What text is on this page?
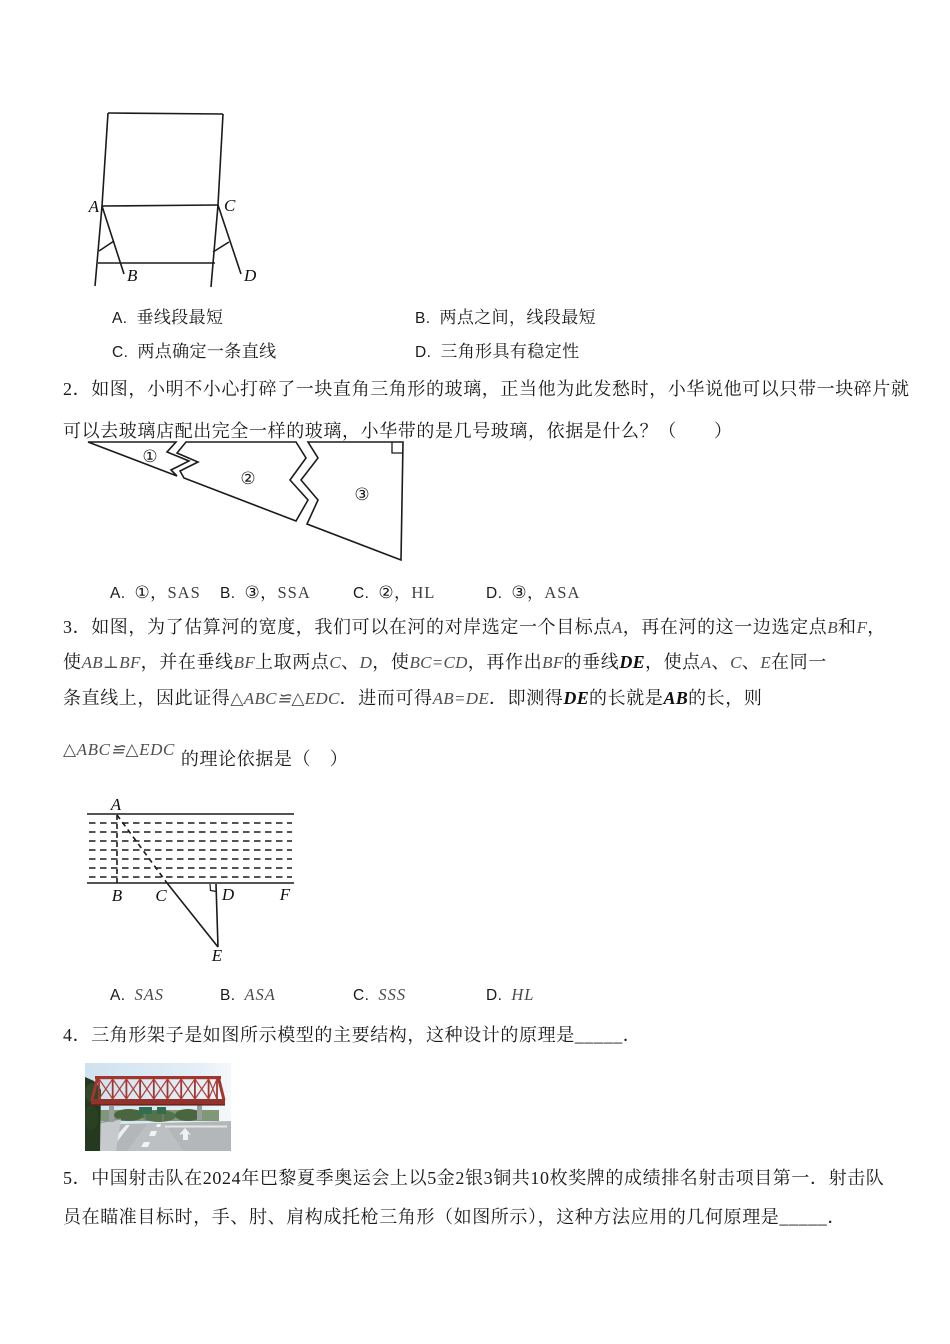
A	C
B	D
A. 垂线段最短	B. 两点之间，线段最短
C. 两点确定一条直线	D. 三角形具有稳定性
2．如图，小明不小心打碎了一块直角三角形的玻璃，正当他为此发愁时，小华说他可以只带一块碎片就
可以去玻璃店配出完全一样的玻璃，小华带的是几号玻璃，依据是什么？（　　）
①
②
③
A. ①，SAS B. ③，SSA	C. ②，HL	D. ③，ASA
3．如图，为了估算河的宽度，我们可以在河的对岸选定一个目标点A，再在河的这一边选定点B和F，
使AB⊥BF，并在垂线BF上取两点C、D，使BC=CD，再作出BF的垂线DE，使点A、C、E在同一
条直线上，因此证得△ABC≌△EDC．进而可得AB=DE．即测得DE的长就是AB的长，则
△ABC≌△EDC 的理论依据是（　）
A
B C	D	F
E
A. SAS	B. ASA	C. SSS	D. HL
4．三角形架子是如图所示模型的主要结构，这种设计的原理是_____．
5．中国射击队在2024年巴黎夏季奥运会上以5金2银3铜共10枚奖牌的成绩排名射击项目第一．射击队
员在瞄准目标时，手、肘、肩构成托枪三角形（如图所示），这种方法应用的几何原理是_____．
